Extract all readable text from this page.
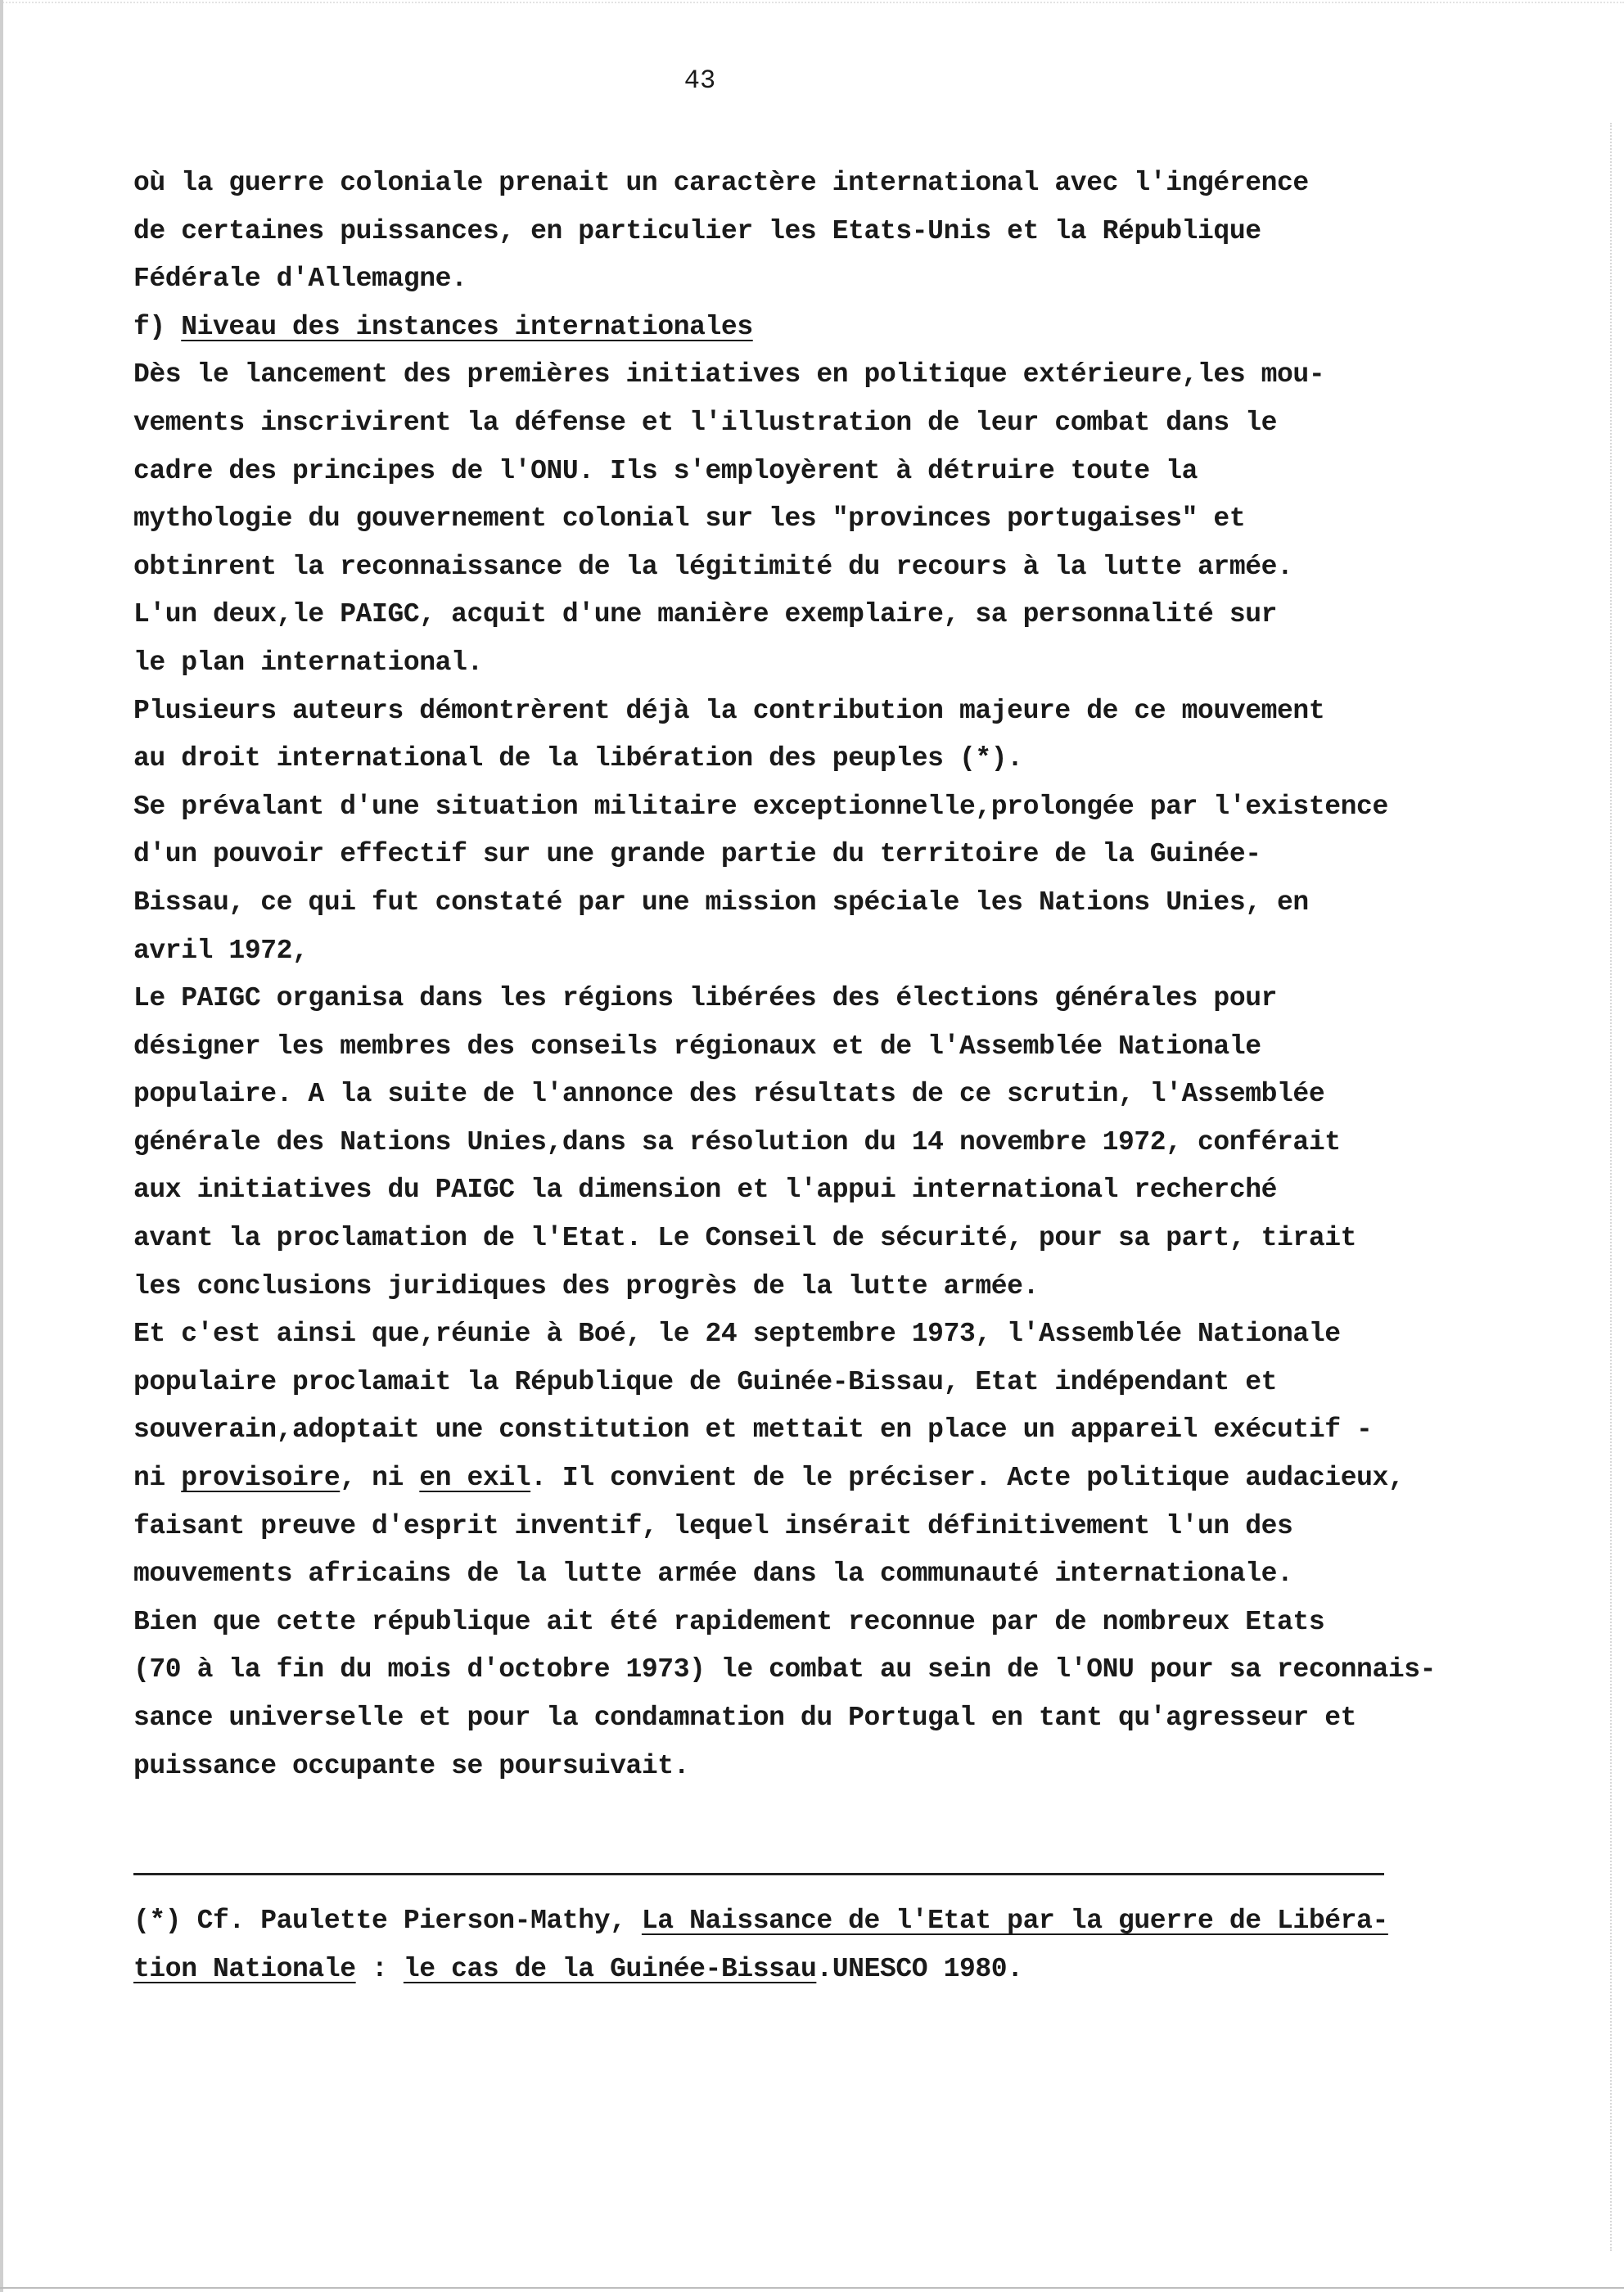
43
où la guerre coloniale prenait un caractère international avec l'ingérence
de certaines puissances, en particulier les Etats-Unis et la République
Fédérale d'Allemagne.
f) Niveau des instances internationales
Dès le lancement des premières initiatives en politique extérieure,les mou-
vements inscrivirent la défense et l'illustration de leur combat dans le
cadre des principes de l'ONU. Ils s'employèrent à détruire toute la
mythologie du gouvernement colonial sur les "provinces portugaises" et
obtinrent la reconnaissance de la légitimité du recours à la lutte armée.
L'un deux,le PAIGC, acquit d'une manière exemplaire, sa personnalité sur
le plan international.
Plusieurs auteurs démontrèrent déjà la contribution majeure de ce mouvement
au droit international de la libération des peuples (*).
Se prévalant d'une situation militaire exceptionnelle,prolongée par l'existence
d'un pouvoir effectif sur une grande partie du territoire de la Guinée-
Bissau, ce qui fut constaté par une mission spéciale les Nations Unies, en
avril 1972,
Le PAIGC organisa dans les régions libérées des élections générales pour
désigner les membres des conseils régionaux et de l'Assemblée Nationale
populaire. A la suite de l'annonce des résultats de ce scrutin, l'Assemblée
générale des Nations Unies,dans sa résolution du 14 novembre 1972, conférait
aux initiatives du PAIGC la dimension et l'appui international recherché
avant la proclamation de l'Etat. Le Conseil de sécurité, pour sa part, tirait
les conclusions juridiques des progrès de la lutte armée.
Et c'est ainsi que,réunie à Boé, le 24 septembre 1973, l'Assemblée Nationale
populaire proclamait la République de Guinée-Bissau, Etat indépendant et
souverain,adoptait une constitution et mettait en place un appareil exécutif -
ni provisoire, ni en exil. Il convient de le préciser. Acte politique audacieux,
faisant preuve d'esprit inventif, lequel insérait définitivement l'un des
mouvements africains de la lutte armée dans la communauté internationale.
Bien que cette république ait été rapidement reconnue par de nombreux Etats
(70 à la fin du mois d'octobre 1973) le combat au sein de l'ONU pour sa reconnais-
sance universelle et pour la condamnation du Portugal en tant qu'agresseur et
puissance occupante se poursuivait.
(*) Cf. Paulette Pierson-Mathy, La Naissance de l'Etat par la guerre de Libéra-
tion Nationale : le cas de la Guinée-Bissau.UNESCO 1980.
